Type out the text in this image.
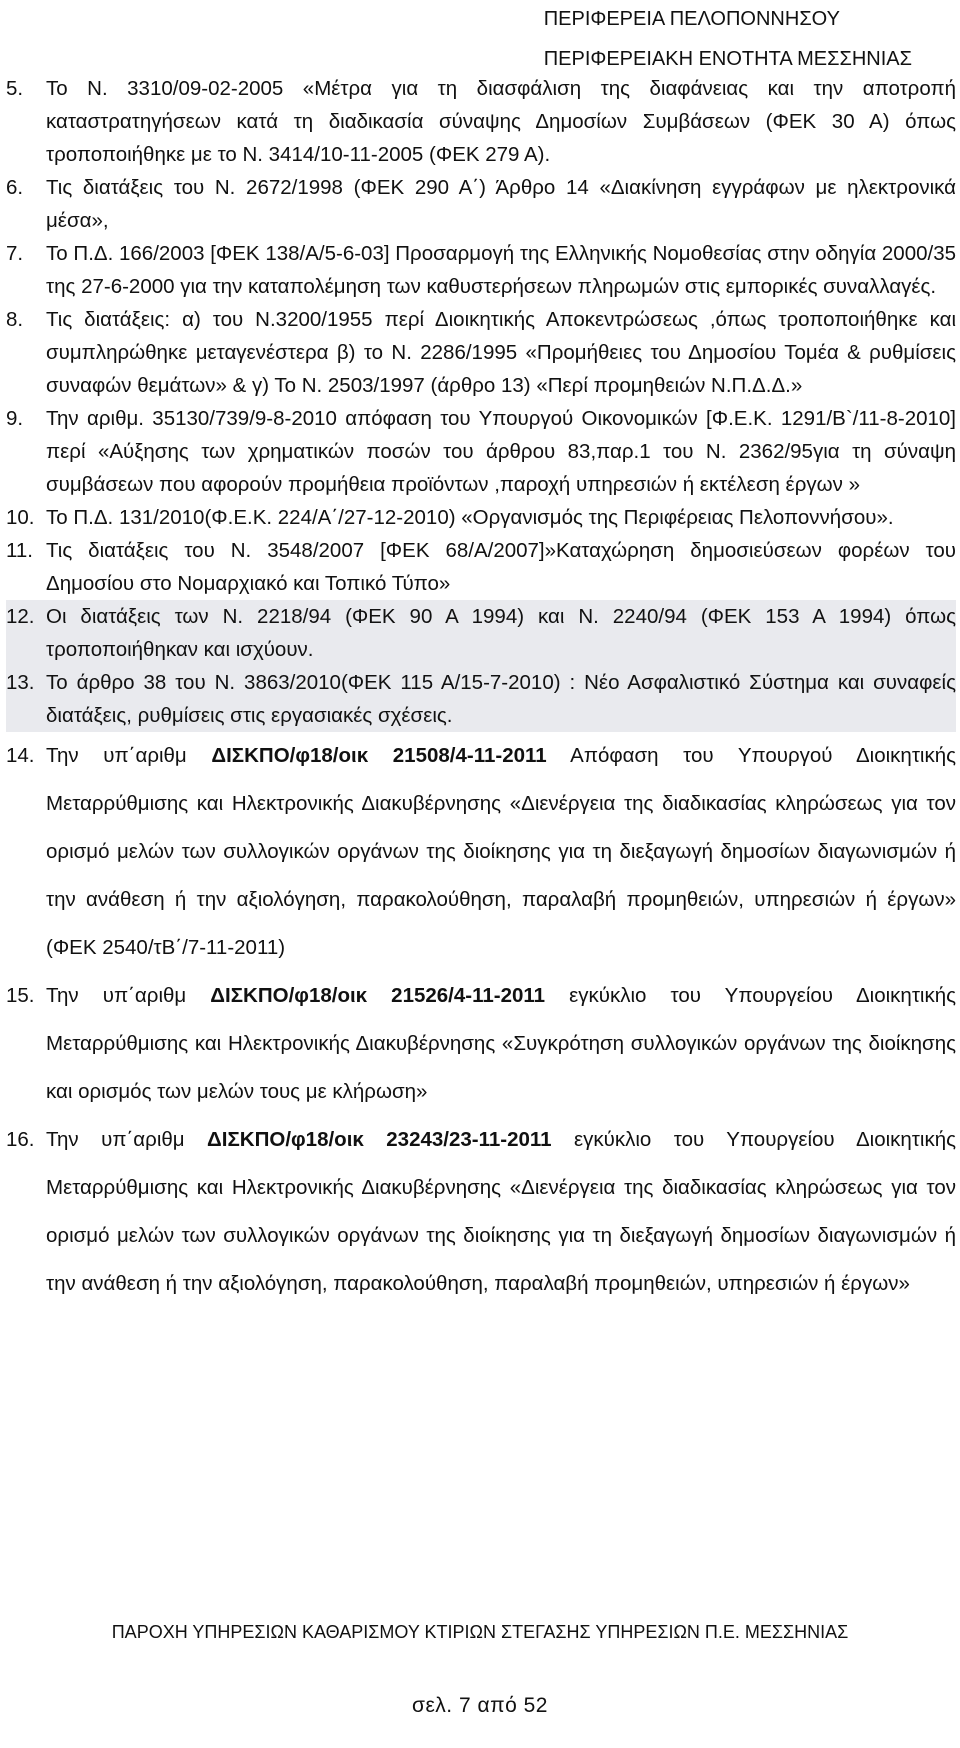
ΠΕΡΙΦΕΡΕΙΑ ΠΕΛΟΠΟΝΝΗΣΟΥ
ΠΕΡΙΦΕΡΕΙΑΚΗ ΕΝΟΤΗΤΑ ΜΕΣΣΗΝΙΑΣ
5.	Το Ν. 3310/09-02-2005 «Μέτρα για τη διασφάλιση της διαφάνειας και την αποτροπή καταστρατηγήσεων κατά τη διαδικασία σύναψης Δημοσίων Συμβάσεων (ΦΕΚ 30 Α) όπως τροποποιήθηκε με το Ν. 3414/10-11-2005 (ΦΕΚ 279 Α).
6.	Τις διατάξεις του Ν. 2672/1998 (ΦΕΚ 290 Α΄) Άρθρο 14 «Διακίνηση εγγράφων με ηλεκτρονικά μέσα»,
7.	Το Π.Δ. 166/2003 [ΦΕΚ 138/Α/5-6-03] Προσαρμογή της Ελληνικής Νομοθεσίας στην οδηγία 2000/35 της 27-6-2000 για την καταπολέμηση των καθυστερήσεων πληρωμών στις εμπορικές συναλλαγές.
8.	Τις διατάξεις: α) του Ν.3200/1955 περί Διοικητικής Αποκεντρώσεως ,όπως τροποποιήθηκε και συμπληρώθηκε μεταγενέστερα β) το Ν. 2286/1995 «Προμήθειες του Δημοσίου Τομέα & ρυθμίσεις συναφών θεμάτων» & γ) Το Ν. 2503/1997 (άρθρο 13) «Περί προμηθειών Ν.Π.Δ.Δ.»
9.	Την αριθμ. 35130/739/9-8-2010 απόφαση του Υπουργού Οικονομικών [Φ.Ε.Κ. 1291/Β`/11-8-2010] περί «Αύξησης των χρηματικών ποσών του άρθρου 83,παρ.1 του Ν. 2362/95για τη σύναψη συμβάσεων που αφορούν προμήθεια προϊόντων ,παροχή υπηρεσιών ή εκτέλεση έργων »
10. Το Π.Δ. 131/2010(Φ.Ε.Κ. 224/Α΄/27-12-2010) «Οργανισμός της Περιφέρειας Πελοποννήσου».
11. Τις διατάξεις του Ν. 3548/2007 [ΦΕΚ 68/Α/2007]»Καταχώρηση δημοσιεύσεων φορέων του Δημοσίου στο Νομαρχιακό και Τοπικό Τύπο»
12. Οι διατάξεις των Ν. 2218/94 (ΦΕΚ 90 Α 1994) και Ν. 2240/94 (ΦΕΚ 153 Α 1994) όπως τροποποιήθηκαν και ισχύουν.
13. Το άρθρο 38 του Ν. 3863/2010(ΦΕΚ 115 Α/15-7-2010) : Νέο Ασφαλιστικό Σύστημα και συναφείς διατάξεις, ρυθμίσεις στις εργασιακές σχέσεις.
14. Την υπ΄αριθμ ΔΙΣΚΠΟ/φ18/οικ 21508/4-11-2011 Απόφαση του Υπουργού Διοικητικής Μεταρρύθμισης και Ηλεκτρονικής Διακυβέρνησης «Διενέργεια της διαδικασίας κληρώσεως για τον ορισμό μελών των συλλογικών οργάνων της διοίκησης για τη διεξαγωγή δημοσίων διαγωνισμών ή την ανάθεση ή την αξιολόγηση, παρακολούθηση, παραλαβή προμηθειών, υπηρεσιών ή έργων» (ΦΕΚ 2540/τΒ΄/7-11-2011)
15. Την υπ΄αριθμ ΔΙΣΚΠΟ/φ18/οικ 21526/4-11-2011 εγκύκλιο του Υπουργείου Διοικητικής Μεταρρύθμισης και Ηλεκτρονικής Διακυβέρνησης «Συγκρότηση συλλογικών οργάνων της διοίκησης και ορισμός των μελών τους με κλήρωση»
16. Την υπ΄αριθμ ΔΙΣΚΠΟ/φ18/οικ 23243/23-11-2011 εγκύκλιο του Υπουργείου Διοικητικής Μεταρρύθμισης και Ηλεκτρονικής Διακυβέρνησης «Διενέργεια της διαδικασίας κληρώσεως για τον ορισμό μελών των συλλογικών οργάνων της διοίκησης για τη διεξαγωγή δημοσίων διαγωνισμών ή την ανάθεση ή την αξιολόγηση, παρακολούθηση, παραλαβή προμηθειών, υπηρεσιών ή έργων»
ΠΑΡΟΧΗ ΥΠΗΡΕΣΙΩΝ ΚΑΘΑΡΙΣΜΟΥ ΚΤΙΡΙΩΝ ΣΤΕΓΑΣΗΣ ΥΠΗΡΕΣΙΩΝ Π.Ε. ΜΕΣΣΗΝΙΑΣ
σελ. 7 από 52
